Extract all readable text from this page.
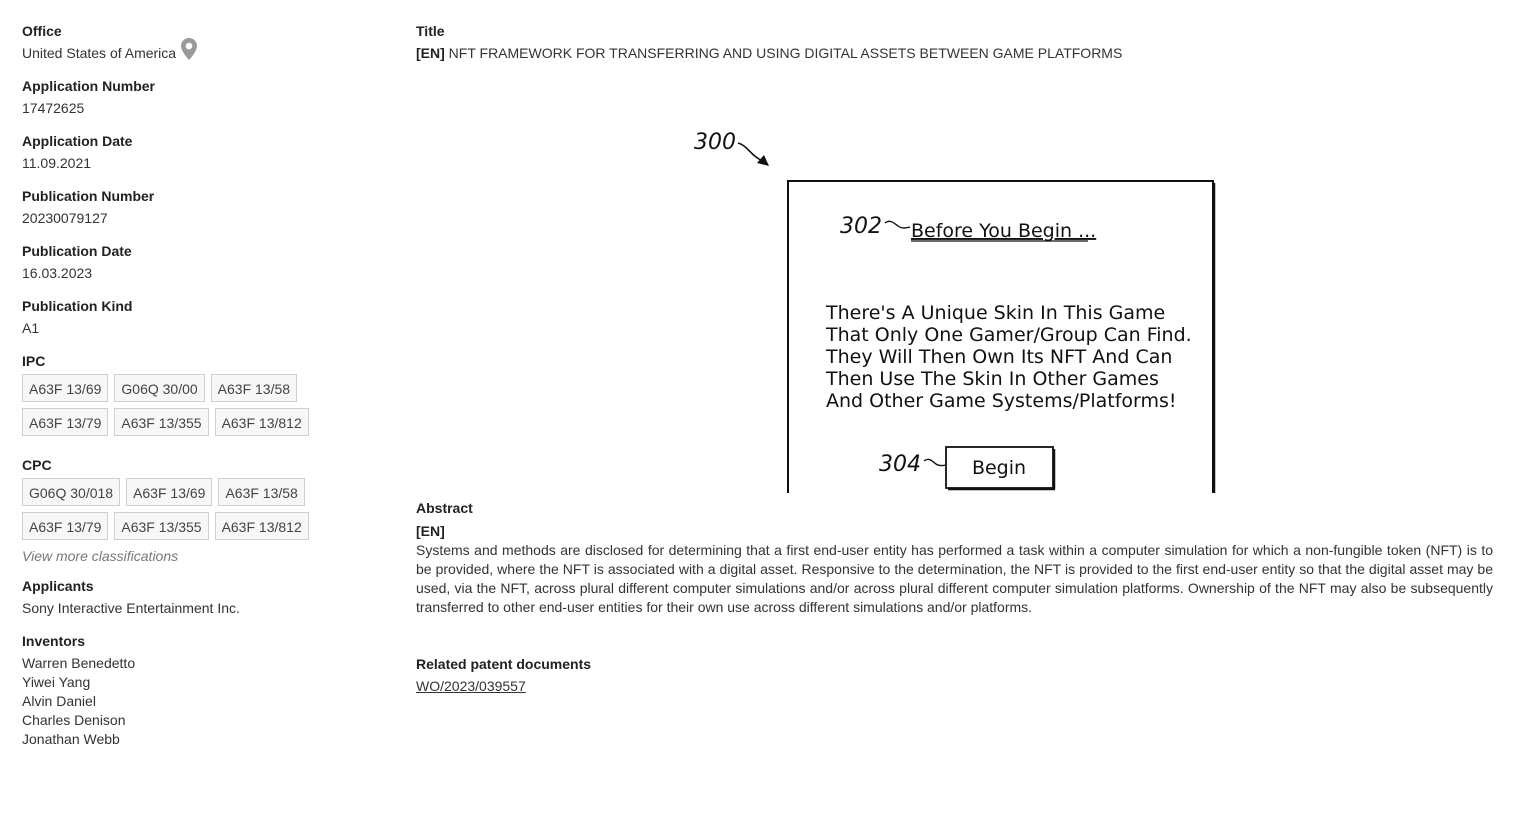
Office
United States of America
Application Number
17472625
Application Date
11.09.2021
Publication Number
20230079127
Publication Date
16.03.2023
Publication Kind
A1
IPC
A63F 13/69	G06Q 30/00	A63F 13/58
A63F 13/79	A63F 13/355	A63F 13/812
CPC
G06Q 30/018	A63F 13/69	A63F 13/58
A63F 13/79	A63F 13/355	A63F 13/812
View more classifications
Applicants
Sony Interactive Entertainment Inc.
Inventors
Warren Benedetto
Yiwei Yang
Alvin Daniel
Charles Denison
Jonathan Webb
Title
[EN] NFT FRAMEWORK FOR TRANSFERRING AND USING DIGITAL ASSETS BETWEEN GAME PLATFORMS
300
302 Before You Begin ...
There's A Unique Skin In This Game
That Only One Gamer/Group Can Find.
They Will Then Own Its NFT And Can
Then Use The Skin In Other Games
And Other Game Systems/Platforms!
304	Begin
Abstract
[EN]
Systems and methods are disclosed for determining that a first end-user entity has performed a task within a computer simulation for which a non-fungible token (NFT) is to be provided, where the NFT is associated with a digital asset. Responsive to the determination, the NFT is provided to the first end-user entity so that the digital asset may be used, via the NFT, across plural different computer simulations and/or across plural different computer simulation platforms. Ownership of the NFT may also be subsequently transferred to other end-user entities for their own use across different simulations and/or platforms.
Related patent documents
WO/2023/039557
